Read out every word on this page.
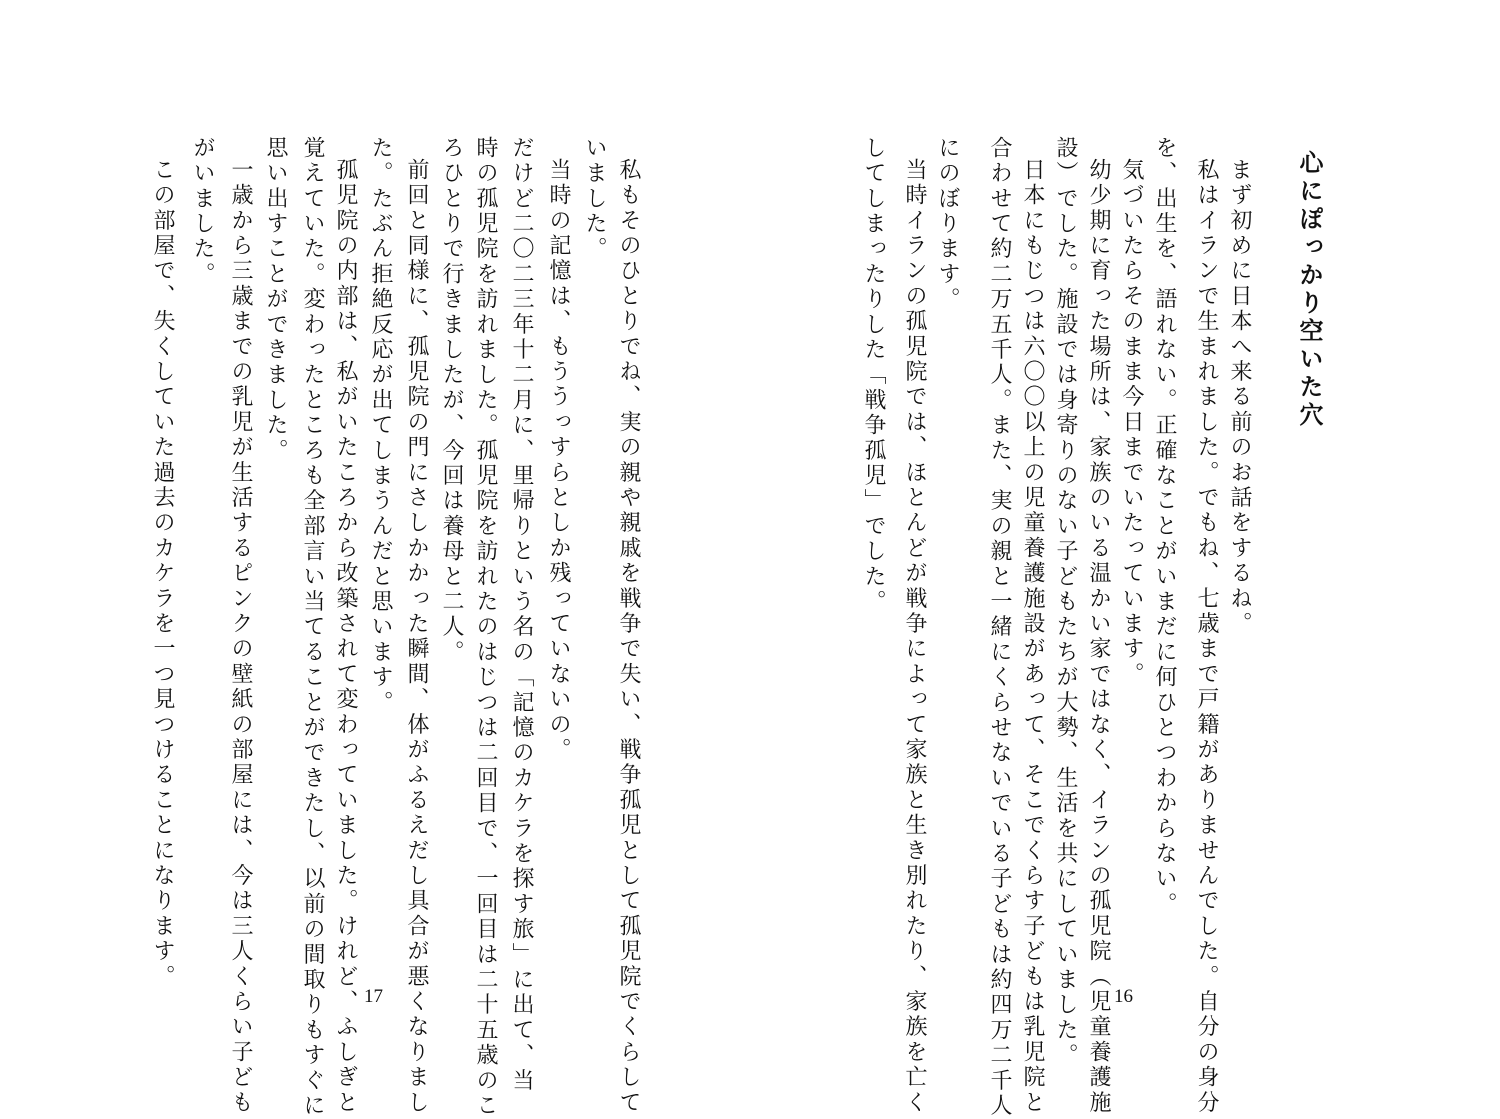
心にぽっかり空いた穴
まず初めに日本へ来る前のお話をするね。
私はイランで生まれました。でもね、七歳まで戸籍がありませんでした。自分の身分
を、出生を、語れない。正確なことがいまだに何ひとつわからない。
気づいたらそのまま今日までいたっています。
幼少期に育った場所は、家族のいる温かい家ではなく、イランの孤児院（児童養護施
設）でした。施設では身寄りのない子どもたちが大勢、生活を共にしていました。
日本にもじつは六〇〇以上の児童養護施設があって、そこでくらす子どもは乳児院と
合わせて約二万五千人。また、実の親と一緒にくらせないでいる子どもは約四万二千人
にのぼります。
当時イランの孤児院では、ほとんどが戦争によって家族と生き別れたり、家族を亡く
してしまったりした「戦争孤児」でした。
16
私もそのひとりでね、実の親や親戚を戦争で失い、戦争孤児として孤児院でくらして
いました。
当時の記憶は、もううっすらとしか残っていないの。
だけど二〇二三年十二月に、里帰りという名の「記憶のカケラを探す旅」に出て、当
時の孤児院を訪れました。孤児院を訪れたのはじつは二回目で、一回目は二十五歳のこ
ろひとりで行きましたが、今回は養母と二人。
前回と同様に、孤児院の門にさしかかった瞬間、体がふるえだし具合が悪くなりまし
た。たぶん拒絶反応が出てしまうんだと思います。
孤児院の内部は、私がいたころから改築されて変わっていました。けれど、ふしぎと
覚えていた。変わったところも全部言い当てることができたし、以前の間取りもすぐに
思い出すことができました。
一歳から三歳までの乳児が生活するピンクの壁紙の部屋には、今は三人くらい子ども
がいました。
この部屋で、失くしていた過去のカケラを一つ見つけることになります。
17
